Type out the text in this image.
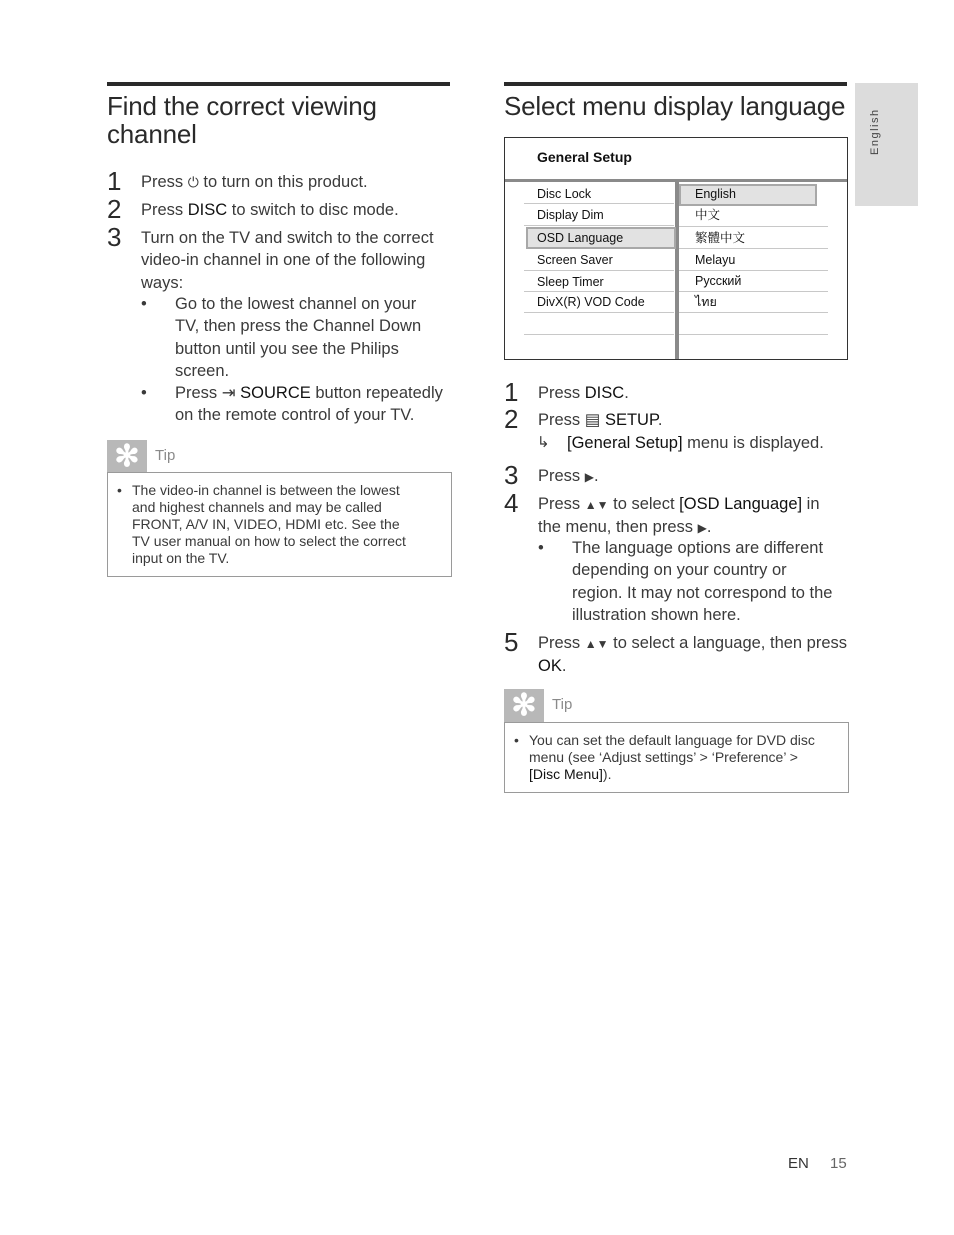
English
Find the correct viewing
channel
1 Press ⏻ to turn on this product.
2 Press DISC to switch to disc mode.
3 Turn on the TV and switch to the correct
video-in channel in one of the following
ways:
• Go to the lowest channel on your
TV, then press the Channel Down
button until you see the Philips
screen.
• Press ⇥ SOURCE button repeatedly
on the remote control of your TV.
✻	Tip
• The video-in channel is between the lowest
and highest channels and may be called
FRONT, A/V IN, VIDEO, HDMI etc. See the
TV user manual on how to select the correct
input on the TV.
Select menu display language
General Setup
Disc Lock
Display Dim
OSD Language
Screen Saver
Sleep Timer
DivX(R) VOD Code
English
中文
繁體中文
Melayu
Русский
ไทย
1 Press DISC.
2 Press ▤ SETUP.
↳ [General Setup] menu is displayed.
3 Press ▶.
4 Press ▲▼ to select [OSD Language] in
the menu, then press ▶.
• The language options are different
depending on your country or
region. It may not correspond to the
illustration shown here.
5 Press ▲▼ to select a language, then press
OK.
✻	Tip
• You can set the default language for DVD disc
menu (see ‘Adjust settings’ > ‘Preference’ >
[Disc Menu]).
EN 15
